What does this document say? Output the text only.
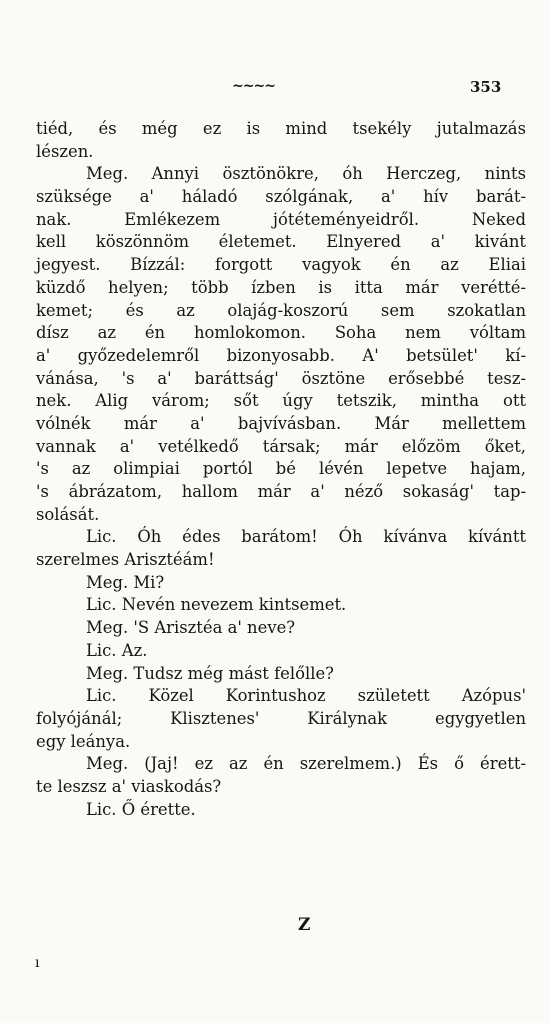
~~~~	353
tiéd, és még ez is mind tsekély jutalmazás
lészen.
Meg. Annyi ösztönökre, óh Herczeg, nints
szüksége a' háladó szólgának, a' hív barát-
nak. Emlékezem jótéteményeidről. Neked
kell köszönnöm életemet. Elnyered a' kivánt
jegyest. Bízzál: forgott vagyok én az Eliai
küzdő helyen; több ízben is itta már verétté-
kemet; és az olajág-koszorú sem szokatlan
dísz az én homlokomon. Soha nem vóltam
a' győzedelemről bizonyosabb. A' betsület' kí-
vánása, 's a' baráttság' ösztöne erősebbé tesz-
nek. Alig várom; sőt úgy tetszik, mintha ott
vólnék már a' bajvívásban. Már mellettem
vannak a' vetélkedő társak; már előzöm őket,
's az olimpiai portól bé lévén lepetve hajam,
's ábrázatom, hallom már a' néző sokaság' tap-
solását.
Lic. Óh édes barátom! Óh kívánva kívántt
szerelmes Arisztéám!
Meg. Mi?
Lic. Nevén nevezem kintsemet.
Meg. 'S Arisztéa a' neve?
Lic. Az.
Meg. Tudsz még mást felőlle?
Lic. Közel Korintushoz született Azópus'
folyójánál; Klisztenes' Királynak egygyetlen
egy leánya.
Meg. (Jaj! ez az én szerelmem.) És ő érett-
te leszsz a' viaskodás?
Lic. Ő érette.
Z
ı
